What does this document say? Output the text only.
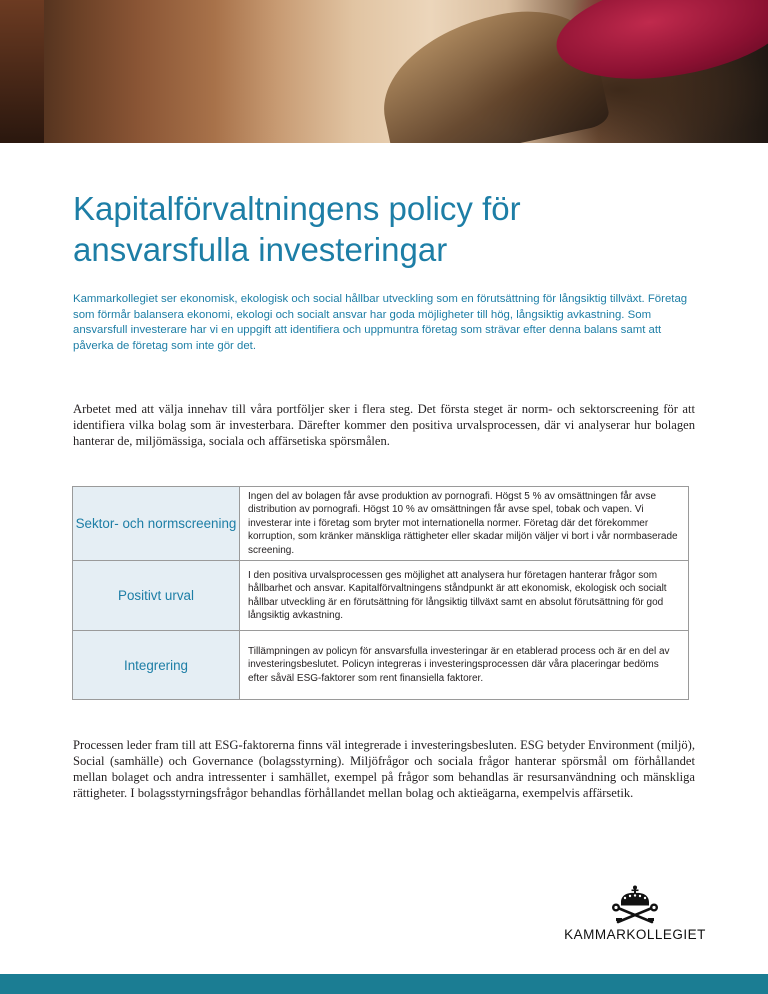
Kapitalförvaltningens policy för
ansvarsfulla investeringar

Kammarkollegiet ser ekonomisk, ekologisk och social hållbar utveckling som en förutsättning för långsiktig tillväxt. Företag som förmår balansera ekonomi, ekologi och socialt ansvar har goda möjligheter till hög, långsiktig avkastning. Som ansvarsfull investerare har vi en uppgift att identifiera och uppmuntra företag som strävar efter denna balans samt att påverka de företag som inte gör det.

Arbetet med att välja innehav till våra portföljer sker i flera steg. Det första steget är norm- och sektorscreening för att identifiera vilka bolag som är investerbara. Därefter kommer den positiva urvalsprocessen, där vi analyserar hur bolagen hanterar de, miljömässiga, sociala och affärsetiska spörsmålen.

Sektor- och normscreening	Ingen del av bolagen får avse produktion av pornografi. Högst 5 % av omsättningen får avse distribution av pornografi. Högst 10 % av omsättningen får avse spel, tobak och vapen. Vi investerar inte i företag som bryter mot internationella normer. Företag där det förekommer korruption, som kränker mänskliga rättigheter eller skadar miljön väljer vi bort i vår normbaserade screening.
Positivt urval	I den positiva urvalsprocessen ges möjlighet att analysera hur företagen hanterar frågor som hållbarhet och ansvar. Kapitalförvaltningens ståndpunkt är att ekonomisk, ekologisk och socialt hållbar utveckling är en förutsättning för långsiktig tillväxt samt en absolut förutsättning för god långsiktig avkastning.
Integrering	Tillämpningen av policyn för ansvarsfulla investeringar är en etablerad process och är en del av investeringsbeslutet. Policyn integreras i investeringsprocessen där våra placeringar bedöms efter såväl ESG-faktorer som rent finansiella faktorer.

Processen leder fram till att ESG-faktorerna finns väl integrerade i investeringsbesluten. ESG betyder Environment (miljö), Social (samhälle) och Governance (bolagsstyrning). Miljöfrågor och sociala frågor hanterar spörsmål om förhållandet mellan bolaget och andra intressenter i samhället, exempel på frågor som behandlas är resursanvändning och mänskliga rättigheter. I bolagsstyrningsfrågor behandlas förhållandet mellan bolag och aktieägarna, exempelvis affärsetik.

KAMMARKOLLEGIET
